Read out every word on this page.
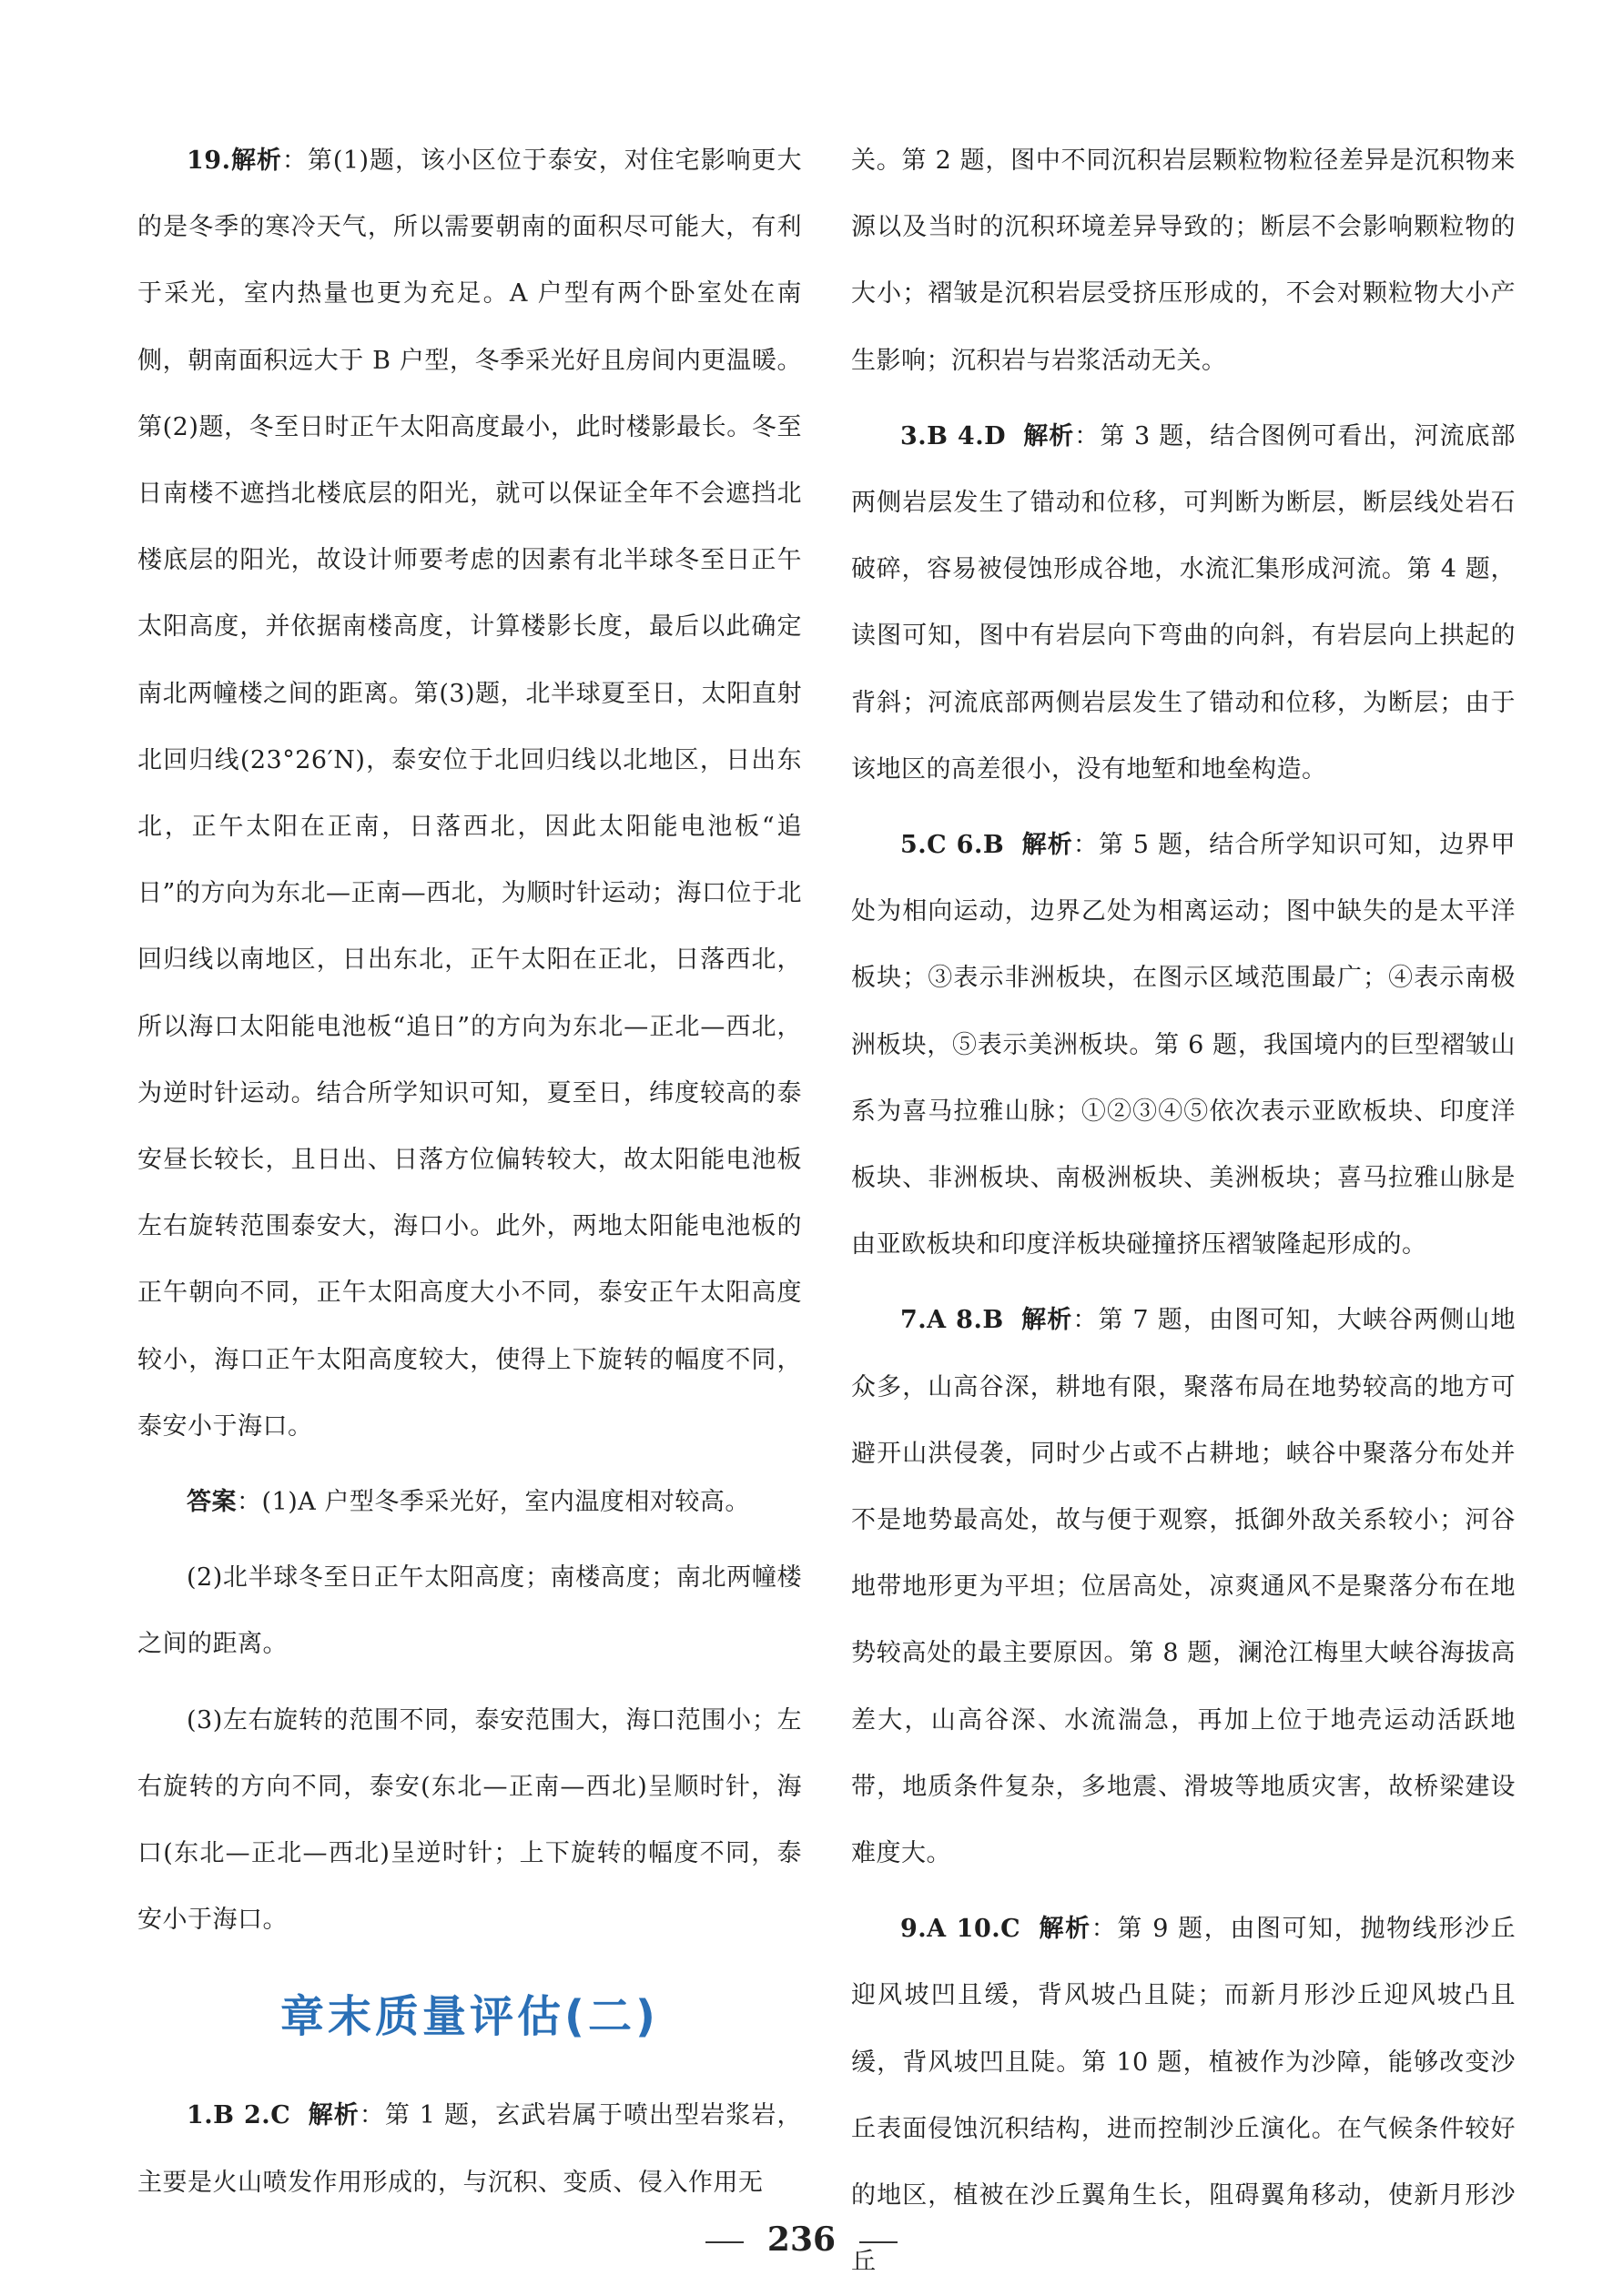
19.解析：第(1)题，该小区位于泰安，对住宅影响更大的是冬季的寒冷天气，所以需要朝南的面积尽可能大，有利于采光，室内热量也更为充足。A 户型有两个卧室处在南侧，朝南面积远大于 B 户型，冬季采光好且房间内更温暖。第(2)题，冬至日时正午太阳高度最小，此时楼影最长。冬至日南楼不遮挡北楼底层的阳光，就可以保证全年不会遮挡北楼底层的阳光，故设计师要考虑的因素有北半球冬至日正午太阳高度，并依据南楼高度，计算楼影长度，最后以此确定南北两幢楼之间的距离。第(3)题，北半球夏至日，太阳直射北回归线(23°26′N)，泰安位于北回归线以北地区，日出东北，正午太阳在正南，日落西北，因此太阳能电池板“追日”的方向为东北—正南—西北，为顺时针运动；海口位于北回归线以南地区，日出东北，正午太阳在正北，日落西北，所以海口太阳能电池板“追日”的方向为东北—正北—西北，为逆时针运动。结合所学知识可知，夏至日，纬度较高的泰安昼长较长，且日出、日落方位偏转较大，故太阳能电池板左右旋转范围泰安大，海口小。此外，两地太阳能电池板的正午朝向不同，正午太阳高度大小不同，泰安正午太阳高度较小，海口正午太阳高度较大，使得上下旋转的幅度不同，泰安小于海口。

答案：(1)A 户型冬季采光好，室内温度相对较高。

(2)北半球冬至日正午太阳高度；南楼高度；南北两幢楼之间的距离。

(3)左右旋转的范围不同，泰安范围大，海口范围小；左右旋转的方向不同，泰安(东北—正南—西北)呈顺时针，海口(东北—正北—西北)呈逆时针；上下旋转的幅度不同，泰安小于海口。

章末质量评估(二)

1.B 2.C 解析：第 1 题，玄武岩属于喷出型岩浆岩，主要是火山喷发作用形成的，与沉积、变质、侵入作用无

关。第 2 题，图中不同沉积岩层颗粒物粒径差异是沉积物来源以及当时的沉积环境差异导致的；断层不会影响颗粒物的大小；褶皱是沉积岩层受挤压形成的，不会对颗粒物大小产生影响；沉积岩与岩浆活动无关。

3.B 4.D 解析：第 3 题，结合图例可看出，河流底部两侧岩层发生了错动和位移，可判断为断层，断层线处岩石破碎，容易被侵蚀形成谷地，水流汇集形成河流。第 4 题，读图可知，图中有岩层向下弯曲的向斜，有岩层向上拱起的背斜；河流底部两侧岩层发生了错动和位移，为断层；由于该地区的高差很小，没有地堑和地垒构造。

5.C 6.B 解析：第 5 题，结合所学知识可知，边界甲处为相向运动，边界乙处为相离运动；图中缺失的是太平洋板块；③表示非洲板块，在图示区域范围最广；④表示南极洲板块，⑤表示美洲板块。第 6 题，我国境内的巨型褶皱山系为喜马拉雅山脉；①②③④⑤依次表示亚欧板块、印度洋板块、非洲板块、南极洲板块、美洲板块；喜马拉雅山脉是由亚欧板块和印度洋板块碰撞挤压褶皱隆起形成的。

7.A 8.B 解析：第 7 题，由图可知，大峡谷两侧山地众多，山高谷深，耕地有限，聚落布局在地势较高的地方可避开山洪侵袭，同时少占或不占耕地；峡谷中聚落分布处并不是地势最高处，故与便于观察，抵御外敌关系较小；河谷地带地形更为平坦；位居高处，凉爽通风不是聚落分布在地势较高处的最主要原因。第 8 题，澜沧江梅里大峡谷海拔高差大，山高谷深、水流湍急，再加上位于地壳运动活跃地带，地质条件复杂，多地震、滑坡等地质灾害，故桥梁建设难度大。

9.A 10.C 解析：第 9 题，由图可知，抛物线形沙丘迎风坡凹且缓，背风坡凸且陡；而新月形沙丘迎风坡凸且缓，背风坡凹且陡。第 10 题，植被作为沙障，能够改变沙丘表面侵蚀沉积结构，进而控制沙丘演化。在气候条件较好的地区，植被在沙丘翼角生长，阻碍翼角移动，使新月形沙丘

236
